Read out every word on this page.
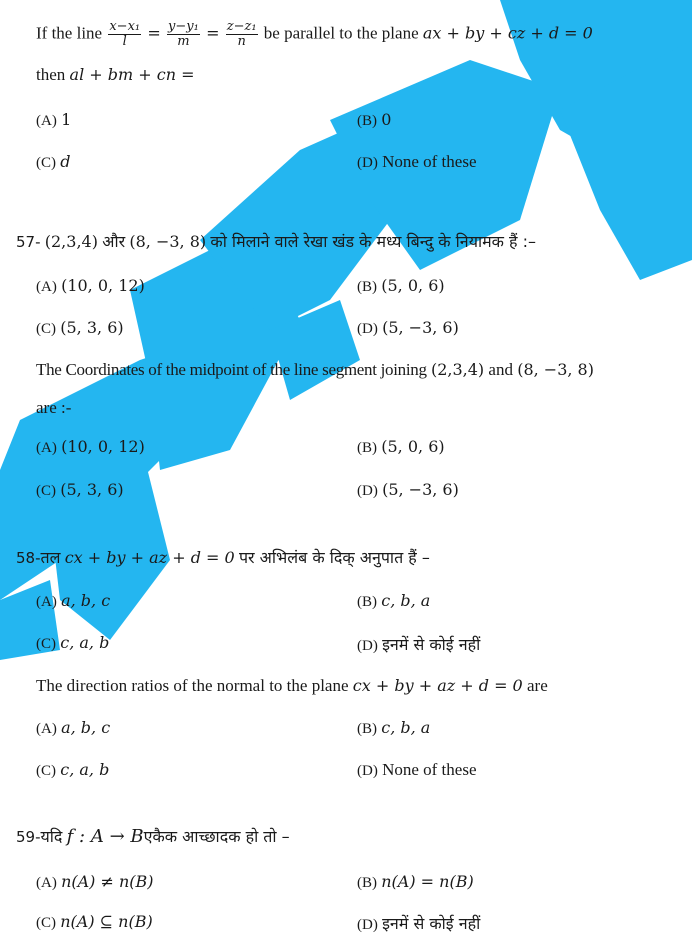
If the line $\frac{\text{x−x₁}}{l} = \frac{\text{y−y₁}}{m} = \frac{\text{z−z₁}}{n}$ be parallel to the plane ax + by + cz + d = 0
then al + bm + cn =
(A) 1	(B) 0
(C) d	(D) None of these
57- (2,3,4) और (8, −3, 8) को मिलाने वाले रेखा खंड के मध्य बिन्दु के नियामक हैं :–
(A) (10, 0, 12)	(B) (5, 0, 6)
(C) (5, 3, 6)	(D) (5, −3, 6)
The Coordinates of the midpoint of the line segment joining (2,3,4) and (8, −3, 8)
are :-
(A) (10, 0, 12)	(B) (5, 0, 6)
(C) (5, 3, 6)	(D) (5, −3, 6)
58-तल cx + by + az + d = 0 पर अभिलंब के दिक् अनुपात हैं –
(A) a, b, c	(B) c, b, a
(C) c, a, b	(D) इनमें से कोई नहीं
The direction ratios of the normal to the plane cx + by + az + d = 0 are
(A) a, b, c	(B) c, b, a
(C) c, a, b	(D) None of these
59-यदि f : A → Bएकैक आच्छादक हो तो –
(A) n(A) ≠ n(B)	(B) n(A) = n(B)
(C) n(A) ⊆ n(B)	(D) इनमें से कोई नहीं
